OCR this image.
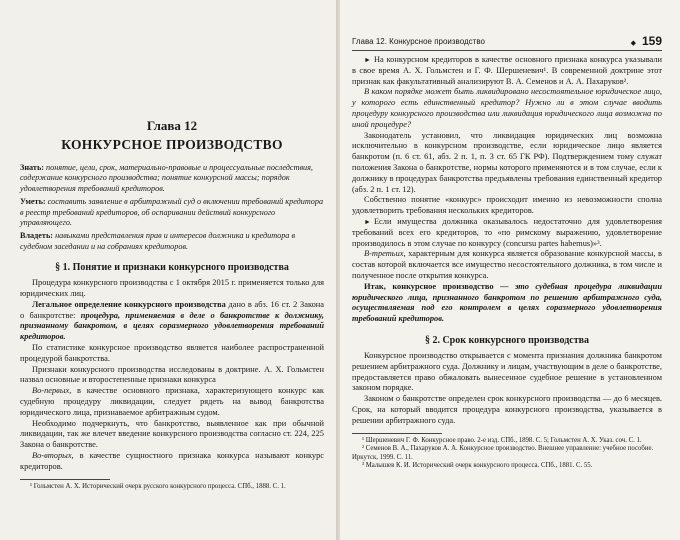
Глава 12
КОНКУРСНОЕ ПРОИЗВОДСТВО

Знать: понятие, цели, срок, материально-правовые и процессуальные последствия, содержание конкурсного производства; понятие конкурсной массы; порядок удовлетворения требований кредиторов.

Уметь: составить заявление в арбитражный суд о включении требований кредитора в реестр требований кредиторов, об оспаривании действий конкурсного управляющего.

Владеть: навыками представления прав и интересов должника и кредитора в судебном заседании и на собраниях кредиторов.

§ 1. Понятие и признаки конкурсного производства

Процедура конкурсного производства с 1 октября 2015 г. применяется только для юридических лиц.

Легальное определение конкурсного производства дано в абз. 16 ст. 2 Закона о банкротстве: процедура, применяемая в деле о банкротстве к должнику, признанному банкротом, в целях соразмерного удовлетворения требований кредиторов.

По статистике конкурсное производство является наиболее распространенной процедурой банкротства.

Признаки конкурсного производства исследованы в доктрине. А. Х. Гольмстен назвал основные и второстепенные признаки конкурса

Во-первых, в качестве основного признака, характеризующего конкурс как судебную процедуру ликвидации, следует рядеть на вывод банкротства юридического лица, признаваемое арбитражным судом.

Необходимо подчеркнуть, что банкротство, выявленное как при обычной ликвидации, так же влечет введение конкурсного производства согласно ст. 224, 225 Закона о банкротстве.

Во-вторых, в качестве сущностного признака конкурса называют конкурс кредиторов.

¹ Гольмстен А. Х. Исторический очерк русского конкурсного процесса. СПб., 1888. С. 1.

Глава 12. Конкурсное производство	◆ 159

► На конкурсном кредиторов в качестве основного признака конкурса указывали в свое время А. Х. Гольмстен и Г. Ф. Шершеневич¹. В современной доктрине этот признак как факультативный анализируют В. А. Семенов и А. А. Пахаруков².

В каком порядке может быть ликвидировано несостоятельное юридическое лицо, у которого есть единственный кредитор? Нужно ли в этом случае вводить процедуру конкурсного производства или ликвидация юридического лица возможна по иной процедуре?

Законодатель установил, что ликвидация юридических лиц возможна исключительно в конкурсном производстве, если юридическое лицо является банкротом (п. 6 ст. 61, абз. 2 п. 1, п. 3 ст. 65 ГК РФ). Подтверждением тому служат положения Закона о банкротстве, нормы которого применяются и в том случае, если к должнику в процедурах банкротства предъявлены требования единственный кредитор (абз. 2 п. 1 ст. 12).

Собственно понятие «конкурс» происходит именно из невозможности сполна удовлетворить требования нескольких кредиторов.

► Если имущества должника оказывалось недостаточно для удовлетворения требований всех его кредиторов, то «по римскому выражению, удовлетворение производилось в этом случае по конкурсу (concursu partes habemus)»³.

В-третьих, характерным для конкурса является образование конкурсной массы, в состав которой включается все имущество несостоятельного должника, в том числе и полученное после открытия конкурса.

Итак, конкурсное производство — это судебная процедура ликвидации юридического лица, признанного банкротом по решению арбитражного суда, осуществляемая под его контролем в целях соразмерного удовлетворения требований кредиторов.

§ 2. Срок конкурсного производства

Конкурсное производство открывается с момента признания должника банкротом решением арбитражного суда. Должнику и лицам, участвующим в деле о банкротстве, предоставляется право обжаловать вынесенное судебное решение в установленном законом порядке.

Законом о банкротстве определен срок конкурсного производства — до 6 месяцев. Срок, на который вводится процедура конкурсного производства, указывается в решении арбитражного суда.

¹ Шершеневич Г. Ф. Конкурсное право. 2-е изд. СПб., 1898. С. 5; Гольмстен А. Х. Указ. соч. С. 1.

² Семенов В. А., Пахаруков А. А. Конкурсное производство. Внешнее управление: учебное пособие. Иркутск, 1999. С. 11.

³ Малышев К. И. Исторический очерк конкурсного процесса. СПб., 1881. С. 55.
